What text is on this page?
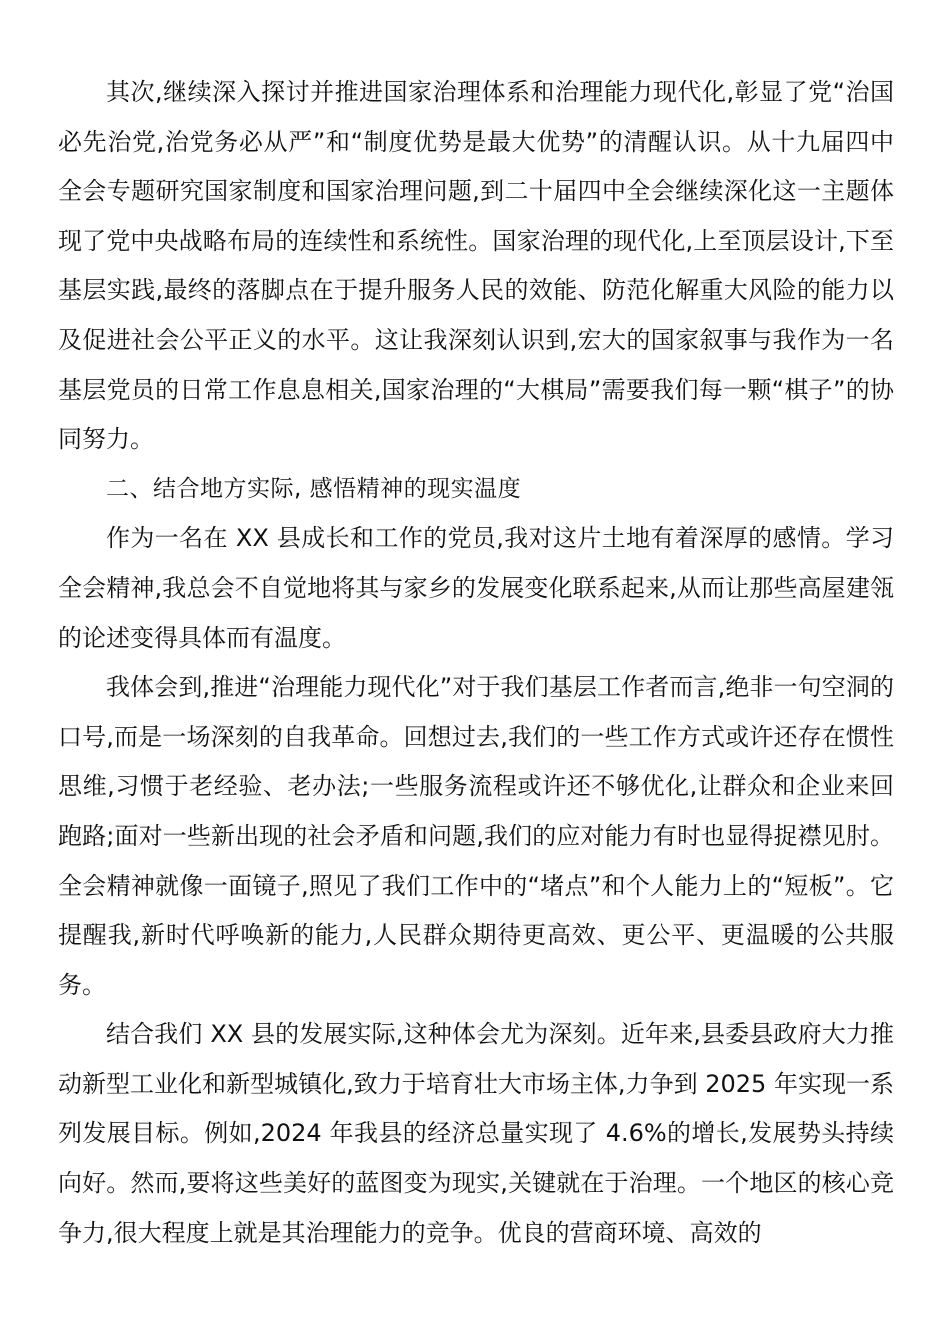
其次,继续深入探讨并推进国家治理体系和治理能力现代化,彰显了党“治国必先治党,治党务必从严”和“制度优势是最大优势”的清醒认识。从十九届四中全会专题研究国家制度和国家治理问题,到二十届四中全会继续深化这一主题体现了党中央战略布局的连续性和系统性。国家治理的现代化,上至顶层设计,下至基层实践,最终的落脚点在于提升服务人民的效能、防范化解重大风险的能力以及促进社会公平正义的水平。这让我深刻认识到,宏大的国家叙事与我作为一名基层党员的日常工作息息相关,国家治理的“大棋局”需要我们每一颗“棋子”的协同努力。

二、结合地方实际, 感悟精神的现实温度

作为一名在 XX 县成长和工作的党员,我对这片土地有着深厚的感情。学习全会精神,我总会不自觉地将其与家乡的发展变化联系起来,从而让那些高屋建瓴的论述变得具体而有温度。

我体会到,推进“治理能力现代化”对于我们基层工作者而言,绝非一句空洞的口号,而是一场深刻的自我革命。回想过去,我们的一些工作方式或许还存在惯性思维,习惯于老经验、老办法;一些服务流程或许还不够优化,让群众和企业来回跑路;面对一些新出现的社会矛盾和问题,我们的应对能力有时也显得捉襟见肘。全会精神就像一面镜子,照见了我们工作中的“堵点”和个人能力上的“短板”。它提醒我,新时代呼唤新的能力,人民群众期待更高效、更公平、更温暖的公共服务。

结合我们 XX 县的发展实际,这种体会尤为深刻。近年来,县委县政府大力推动新型工业化和新型城镇化,致力于培育壮大市场主体,力争到 2025 年实现一系列发展目标。例如,2024 年我县的经济总量实现了 4.6%的增长,发展势头持续向好。然而,要将这些美好的蓝图变为现实,关键就在于治理。一个地区的核心竞争力,很大程度上就是其治理能力的竞争。优良的营商环境、高效的
